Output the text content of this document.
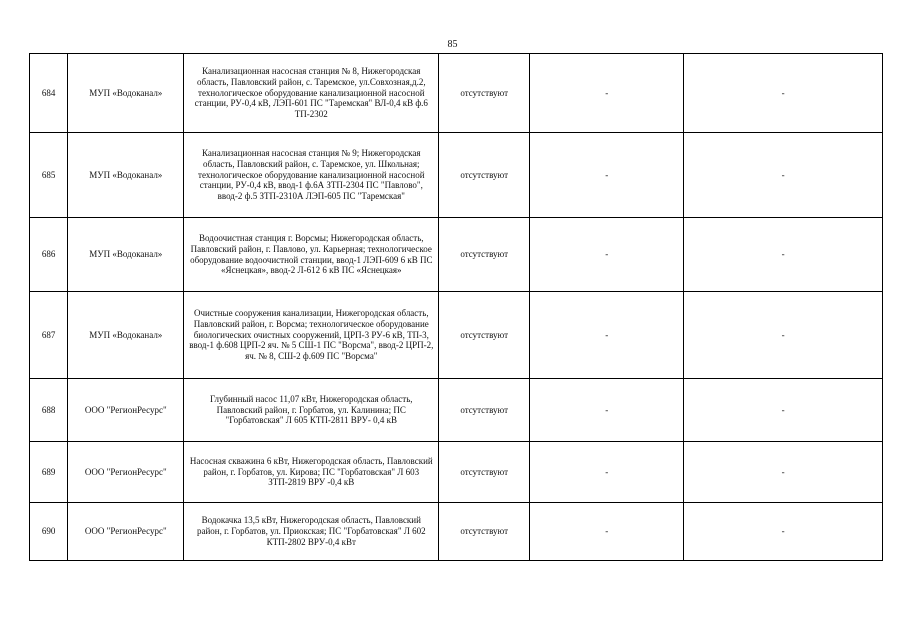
85
684	МУП «Водоканал»	Канализационная насосная станция № 8, Нижегородская область, Павловский район, с. Таремское, ул.Совхозная,д.2, технологическое оборудование канализационной насосной станции, РУ-0,4 кВ, ЛЭП-601 ПС "Таремская" ВЛ-0,4 кВ ф.6 ТП-2302	отсутствуют	-	-
685	МУП «Водоканал»	Канализационная насосная станция № 9; Нижегородская область, Павловский район, с. Таремское, ул. Школьная; технологическое оборудование канализационной насосной станции, РУ-0,4 кВ, ввод-1 ф.6А ЗТП-2304 ПС "Павлово", ввод-2 ф.5 ЗТП-2310А ЛЭП-605 ПС "Таремская"	отсутствуют	-	-
686	МУП «Водоканал»	Водоочистная станция г. Ворсмы; Нижегородская область, Павловский район, г. Павлово, ул. Карьерная; технологическое оборудование водоочистной станции, ввод-1 ЛЭП-609 6 кВ ПС «Яснецкая», ввод-2 Л-612 6 кВ ПС «Яснецкая»	отсутствуют	-	-
687	МУП «Водоканал»	Очистные сооружения канализации, Нижегородская область, Павловский район, г. Ворсма; технологическое оборудование биологических очистных сооружений, ЦРП-3 РУ-6 кВ, ТП-3, ввод-1 ф.608 ЦРП-2 яч. № 5 СШ-1 ПС "Ворсма", ввод-2 ЦРП-2, яч. № 8, СШ-2 ф.609 ПС "Ворсма"	отсутствуют	-	-
688	ООО "РегионРесурс"	Глубинный насос 11,07 кВт, Нижегородская область, Павловский район, г. Горбатов, ул. Калинина; ПС "Горбатовская" Л 605 КТП-2811 ВРУ- 0,4 кВ	отсутствуют	-	-
689	ООО "РегионРесурс"	Насосная скважина 6 кВт, Нижегородская область, Павловский район, г. Горбатов, ул. Кирова; ПС "Горбатовская" Л 603 ЗТП-2819 ВРУ -0,4 кВ	отсутствуют	-	-
690	ООО "РегионРесурс"	Водокачка 13,5 кВт, Нижегородская область, Павловский район, г. Горбатов, ул. Приокская; ПС "Горбатовская" Л 602 КТП-2802 ВРУ-0,4 кВт	отсутствуют	-	-
